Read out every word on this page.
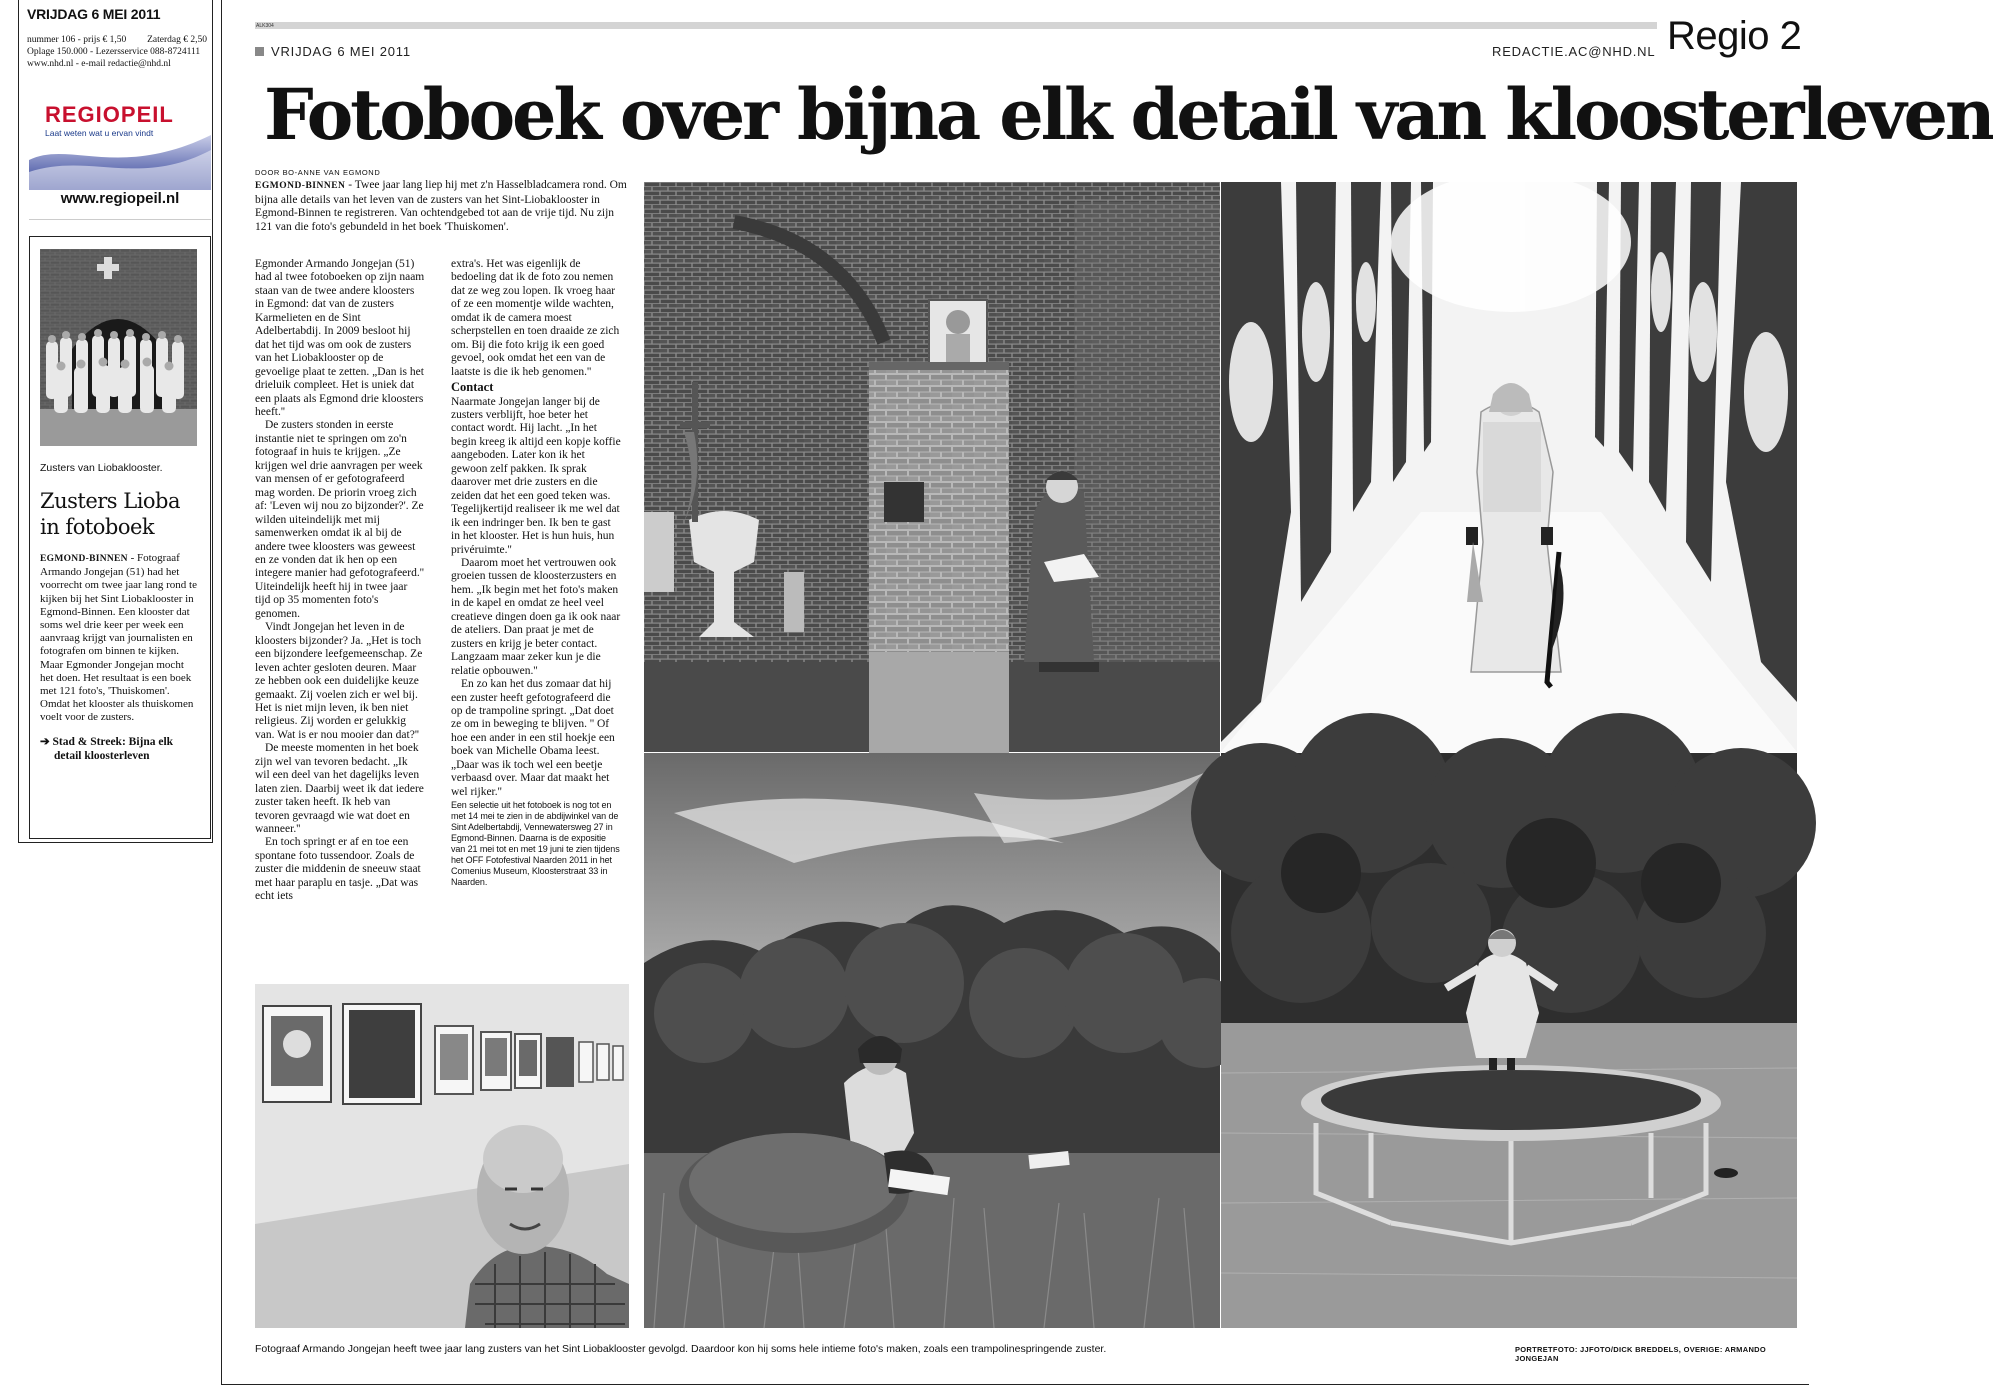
VRIJDAG 6 MEI 2011
nummer 106 - prijs € 1,50 Zaterdag € 2,50
Oplage 150.000 - Lezersservice 088-8724111
www.nhd.nl - e-mail redactie@nhd.nl
REGIOPEIL
Laat weten wat u ervan vindt
www.regiopeil.nl
Zusters van Liobaklooster.
Zusters Lioba
in fotoboek
EGMOND-BINNEN - Fotograaf Armando Jongejan (51) had het voorrecht om twee jaar lang rond te kijken bij het Sint Liobaklooster in Egmond-Binnen. Een klooster dat soms wel drie keer per week een aanvraag krijgt van journalisten en fotografen om binnen te kijken. Maar Egmonder Jongejan mocht het doen. Het resultaat is een boek met 121 foto's, 'Thuiskomen'. Omdat het klooster als thuiskomen voelt voor de zusters.
➔ Stad & Streek: Bijna elk detail kloosterleven
ALK304
VRIJDAG 6 MEI 2011	REDACTIE.AC@NHD.NL Regio 2
Fotoboek over bijna elk detail van kloosterleven
DOOR BO-ANNE VAN EGMOND
EGMOND-BINNEN - Twee jaar lang liep hij met z'n Hasselbladcamera rond. Om bijna alle details van het leven van de zusters van het Sint-Liobaklooster in Egmond-Binnen te registreren. Van ochtendgebed tot aan de vrije tijd. Nu zijn 121 van die foto's gebundeld in het boek 'Thuiskomen'.

Egmonder Armando Jongejan (51) had al twee fotoboeken op zijn naam staan van de twee andere kloosters in Egmond: dat van de zusters Karmelieten en de Sint Adelbertabdij. In 2009 besloot hij dat het tijd was om ook de zusters van het Liobaklooster op de gevoelige plaat te zetten. „Dan is het drieluik compleet. Het is uniek dat een plaats als Egmond drie kloosters heeft.''

De zusters stonden in eerste instantie niet te springen om zo'n fotograaf in huis te krijgen. „Ze krijgen wel drie aanvragen per week van mensen of er gefotografeerd mag worden. De priorin vroeg zich af: 'Leven wij nou zo bijzonder?'. Ze wilden uiteindelijk met mij samenwerken omdat ik al bij de andere twee kloosters was geweest en ze vonden dat ik hen op een integere manier had gefotografeerd.'' Uiteindelijk heeft hij in twee jaar tijd op 35 momenten foto's genomen.

Vindt Jongejan het leven in de kloosters bijzonder? Ja. „Het is toch een bijzondere leefgemeenschap. Ze leven achter gesloten deuren. Maar ze hebben ook een duidelijke keuze gemaakt. Zij voelen zich er wel bij. Het is niet mijn leven, ik ben niet religieus. Zij worden er gelukkig van. Wat is er nou mooier dan dat?''

De meeste momenten in het boek zijn wel van tevoren bedacht. „Ik wil een deel van het dagelijks leven laten zien. Daarbij weet ik dat iedere zuster taken heeft. Ik heb van tevoren gevraagd wie wat doet en wanneer.''

En toch springt er af en toe een spontane foto tussendoor. Zoals de zuster die middenin de sneeuw staat met haar paraplu en tasje. „Dat was echt iets

extra's. Het was eigenlijk de bedoeling dat ik de foto zou nemen dat ze weg zou lopen. Ik vroeg haar of ze een momentje wilde wachten, omdat ik de camera moest scherpstellen en toen draaide ze zich om. Bij die foto krijg ik een goed gevoel, ook omdat het een van de laatste is die ik heb genomen.''

Contact

Naarmate Jongejan langer bij de zusters verblijft, hoe beter het contact wordt. Hij lacht. „In het begin kreeg ik altijd een kopje koffie aangeboden. Later kon ik het gewoon zelf pakken. Ik sprak daarover met drie zusters en die zeiden dat het een goed teken was. Tegelijkertijd realiseer ik me wel dat ik een indringer ben. Ik ben te gast in het klooster. Het is hun huis, hun privéruimte.''

Daarom moet het vertrouwen ook groeien tussen de kloosterzusters en hem. „Ik begin met het foto's maken in de kapel en omdat ze heel veel creatieve dingen doen ga ik ook naar de ateliers. Dan praat je met de zusters en krijg je beter contact. Langzaam maar zeker kun je die relatie opbouwen.''

En zo kan het dus zomaar dat hij een zuster heeft gefotografeerd die op de trampoline springt. „Dat doet ze om in beweging te blijven. '' Of hoe een ander in een stil hoekje een boek van Michelle Obama leest. „Daar was ik toch wel een beetje verbaasd over. Maar dat maakt het wel rijker.''

Een selectie uit het fotoboek is nog tot en met 14 mei te zien in de abdijwinkel van de Sint Adelbertabdij, Vennewatersweg 27 in Egmond-Binnen. Daarna is de expositie van 21 mei tot en met 19 juni te zien tijdens het OFF Fotofestival Naarden 2011 in het Comenius Museum, Kloosterstraat 33 in Naarden.

Fotograaf Armando Jongejan heeft twee jaar lang zusters van het Sint Liobaklooster gevolgd. Daardoor kon hij soms hele intieme foto's maken, zoals een trampolinespringende zuster.	PORTRETFOTO: JJFOTO/DICK BREDDELS, OVERIGE: ARMANDO JONGEJAN
